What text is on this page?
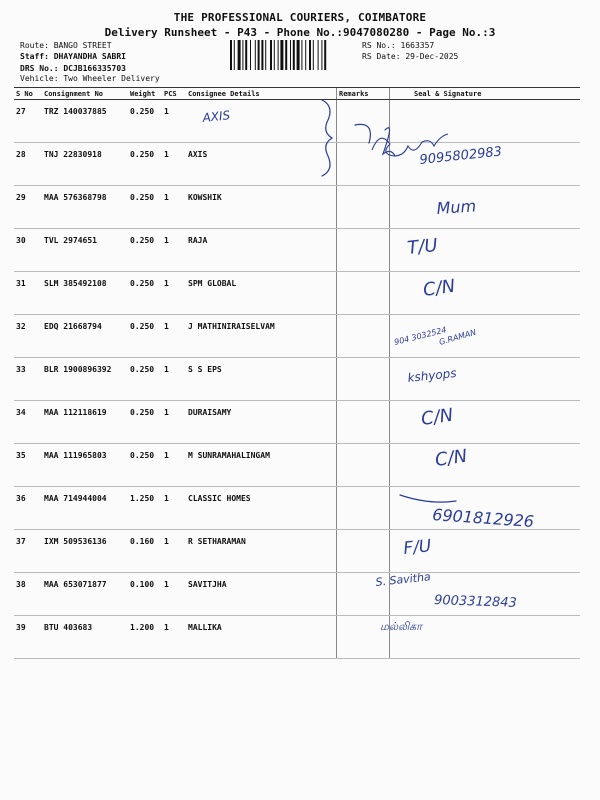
THE PROFESSIONAL COURIERS, COIMBATORE
Delivery Runsheet - P43 - Phone No.:9047080280 - Page No.:3
Route: BANGO STREET
Staff: DHAYANDHA SABRI
DRS No.: DCJB166335703
Vehicle: Two Wheeler Delivery
RS No.: 1663357
RS Date: 29-Dec-2025
S No	Consignment No	Weight	PCS	Consignee Details	Remarks	Seal & Signature
27	TRZ 140037885	0.250	1			
28	TNJ 22830918	0.250	1	AXIS		
29	MAA 576368798	0.250	1	KOWSHIK		
30	TVL 2974651	0.250	1	RAJA		
31	SLM 385492108	0.250	1	SPM GLOBAL		
32	EDQ 21668794	0.250	1	J MATHINIRAISELVAM		
33	BLR 1900896392	0.250	1	S S EPS		
34	MAA 112118619	0.250	1	DURAISAMY		
35	MAA 111965803	0.250	1	M SUNRAMAHALINGAM		
36	MAA 714944004	1.250	1	CLASSIC HOMES		
37	IXM 509536136	0.160	1	R SETHARAMAN		
38	MAA 653071877	0.100	1	SAVITJHA		
39	BTU 403683	1.200	1	MALLIKA		
AXIS
9095802983
Mum
T/U
C/N
904 3032524
G.RAMAN
kshyops
C/N
C/N
6901812926
F/U
S. Savitha
9003312843
மல்லிகா
